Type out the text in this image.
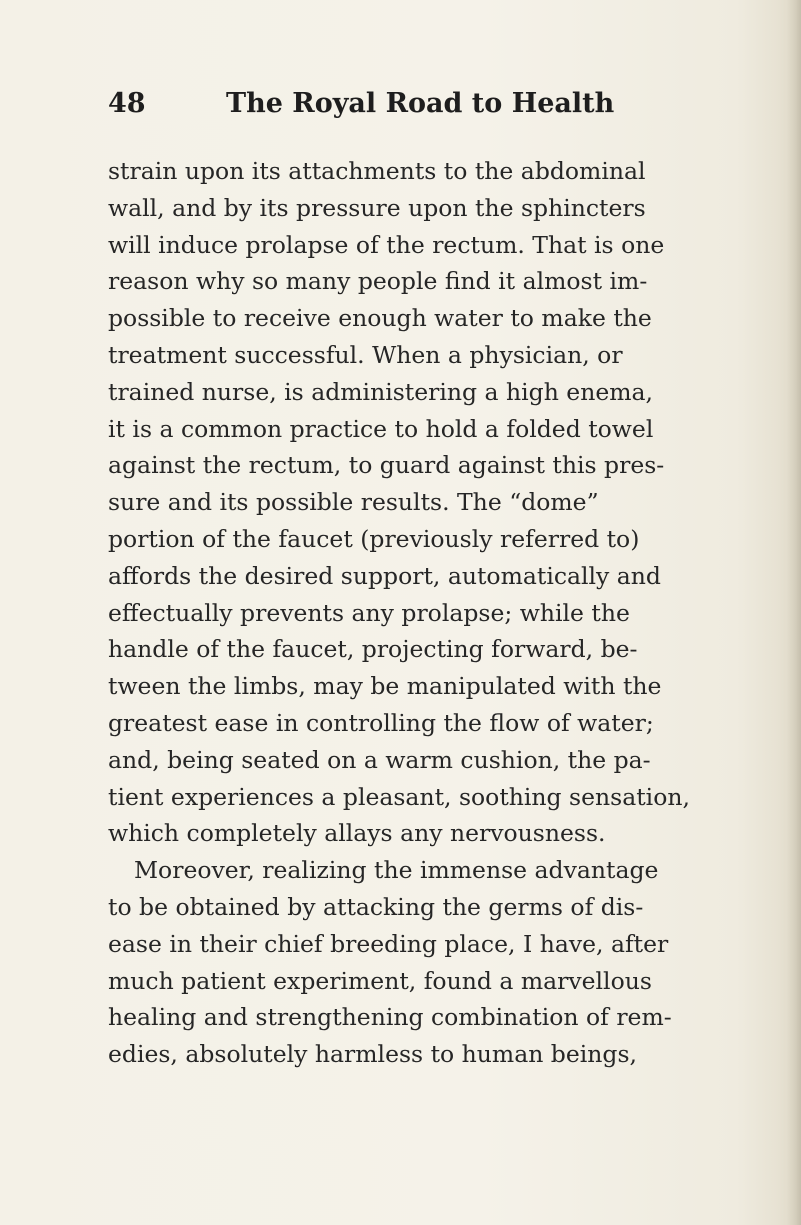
48	The Royal Road to Health
strain upon its attachments to the abdominal
wall, and by its pressure upon the sphincters
will induce prolapse of the rectum. That is one
reason why so many people find it almost im-
possible to receive enough water to make the
treatment successful. When a physician, or
trained nurse, is administering a high enema,
it is a common practice to hold a folded towel
against the rectum, to guard against this pres-
sure and its possible results. The “dome”
portion of the faucet (previously referred to)
affords the desired support, automatically and
effectually prevents any prolapse; while the
handle of the faucet, projecting forward, be-
tween the limbs, may be manipulated with the
greatest ease in controlling the flow of water;
and, being seated on a warm cushion, the pa-
tient experiences a pleasant, soothing sensation,
which completely allays any nervousness.
Moreover, realizing the immense advantage
to be obtained by attacking the germs of dis-
ease in their chief breeding place, I have, after
much patient experiment, found a marvellous
healing and strengthening combination of rem-
edies, absolutely harmless to human beings,
